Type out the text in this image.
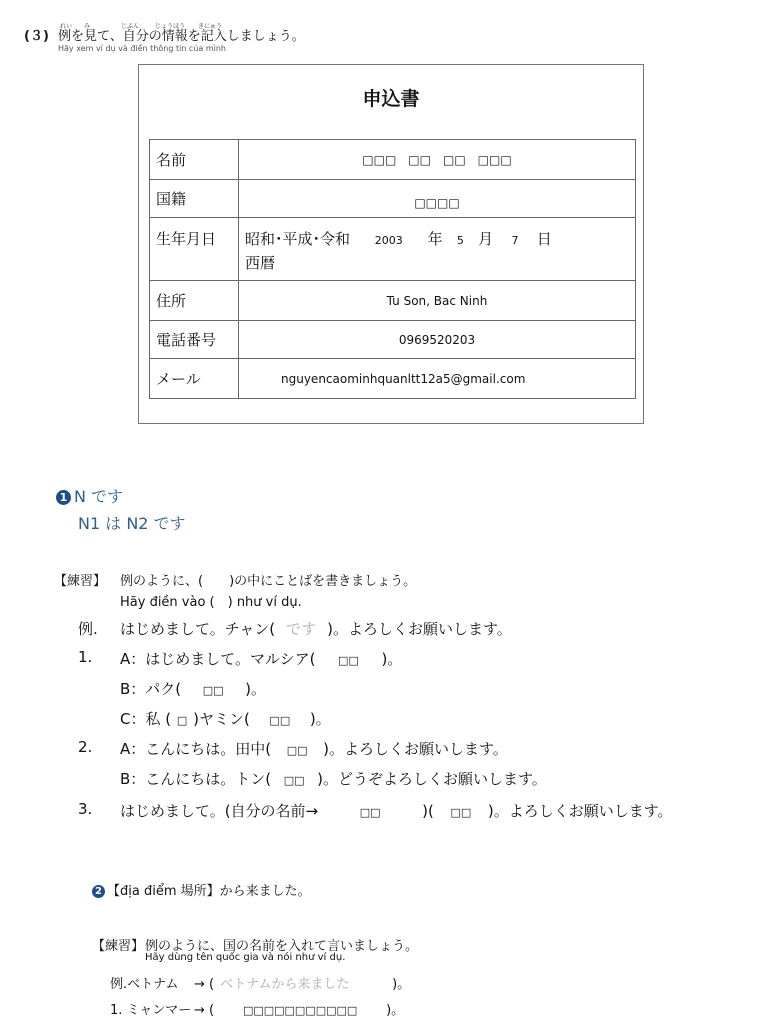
れい み	じぶん	じょうほう きにゅう
(３) 例を見て、自分の情報を記入しましょう。
Hãy xem ví dụ và điền thông tin của mình
申込書
名前	□□□　□□　□□　□□□
国籍	□□□□
生年月日	昭和･平成･令和 2003 年 5 月 7 日
西暦
住所	Tu Son, Bac Ninh
電話番号	0969520203
メール	nguyencaominhquanltt12a5@gmail.com
1 N です
N1 は N2 です
【練習】 例のように、(　　)の中にことばを書きましょう。
Hãy điền vào (　) như ví dụ.
例. はじめまして。チャン( です )。よろしくお願いします。
1. A：はじめまして。マルシア( □□ )。
B：パク( □□ )。
C：私 ( □ )ヤミン( □□ )。
2. A：こんにちは。田中( □□ )。よろしくお願いします。
B：こんにちは。トン( □□ )。どうぞよろしくお願いします。
3. はじめまして。(自分の名前→	□□	)( □□ )。よろしくお願いします。
2 【địa điểm 場所】から来ました。
【練習】 例のように、国の名前を入れて言いましょう。
Hãy dùng tên quốc gia và nói như ví dụ.
例.ベトナム → ( ベトナムから来ました	)。
1. ミャンマー → (	□□□□□□□□□□□ )。
